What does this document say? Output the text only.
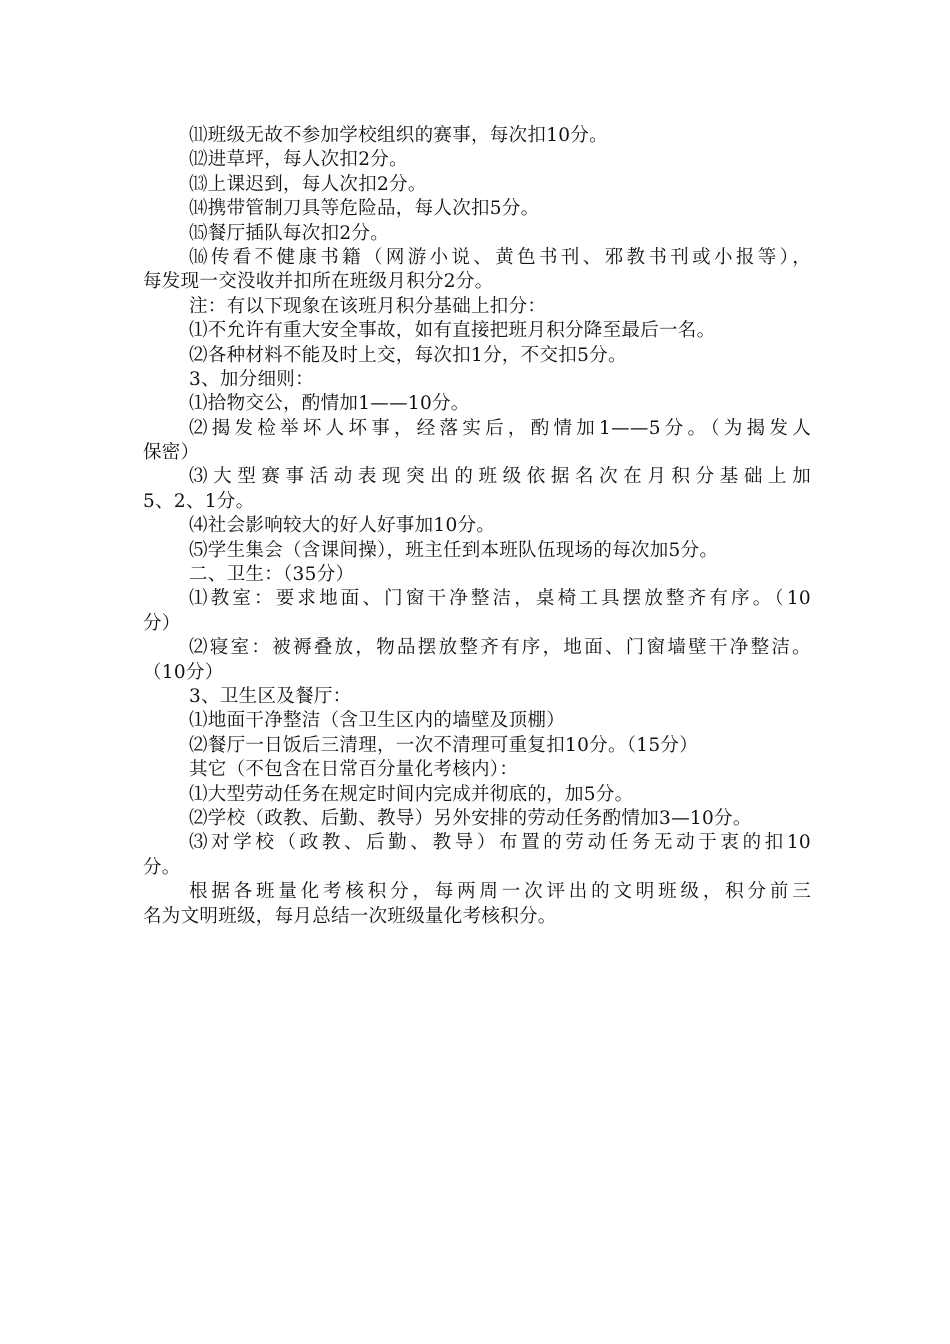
⑾班级无故不参加学校组织的赛事，每次扣10分。
⑿进草坪，每人次扣2分。
⒀上课迟到，每人次扣2分。
⒁携带管制刀具等危险品，每人次扣5分。
⒂餐厅插队每次扣2分。
⒃传看不健康书籍（网游小说、黄色书刊、邪教书刊或小报等），
每发现一交没收并扣所在班级月积分2分。
注：有以下现象在该班月积分基础上扣分：
⑴不允许有重大安全事故，如有直接把班月积分降至最后一名。
⑵各种材料不能及时上交，每次扣1分，不交扣5分。
3、加分细则：
⑴拾物交公，酌情加1——10分。
⑵揭发检举坏人坏事，经落实后，酌情加1——5分。（为揭发人
保密）
⑶大型赛事活动表现突出的班级依据名次在月积分基础上加
5、2、1分。
⑷社会影响较大的好人好事加10分。
⑸学生集会（含课间操），班主任到本班队伍现场的每次加5分。
二、卫生：（35分）
⑴教室：要求地面、门窗干净整洁，桌椅工具摆放整齐有序。（10
分）
⑵寝室：被褥叠放，物品摆放整齐有序，地面、门窗墙壁干净整洁。
（10分）
3、卫生区及餐厅：
⑴地面干净整洁（含卫生区内的墙壁及顶棚）
⑵餐厅一日饭后三清理，一次不清理可重复扣10分。（15分）
其它（不包含在日常百分量化考核内）：
⑴大型劳动任务在规定时间内完成并彻底的，加5分。
⑵学校（政教、后勤、教导）另外安排的劳动任务酌情加3—10分。
⑶对学校（政教、后勤、教导）布置的劳动任务无动于衷的扣10
分。
根据各班量化考核积分，每两周一次评出的文明班级，积分前三
名为文明班级，每月总结一次班级量化考核积分。
